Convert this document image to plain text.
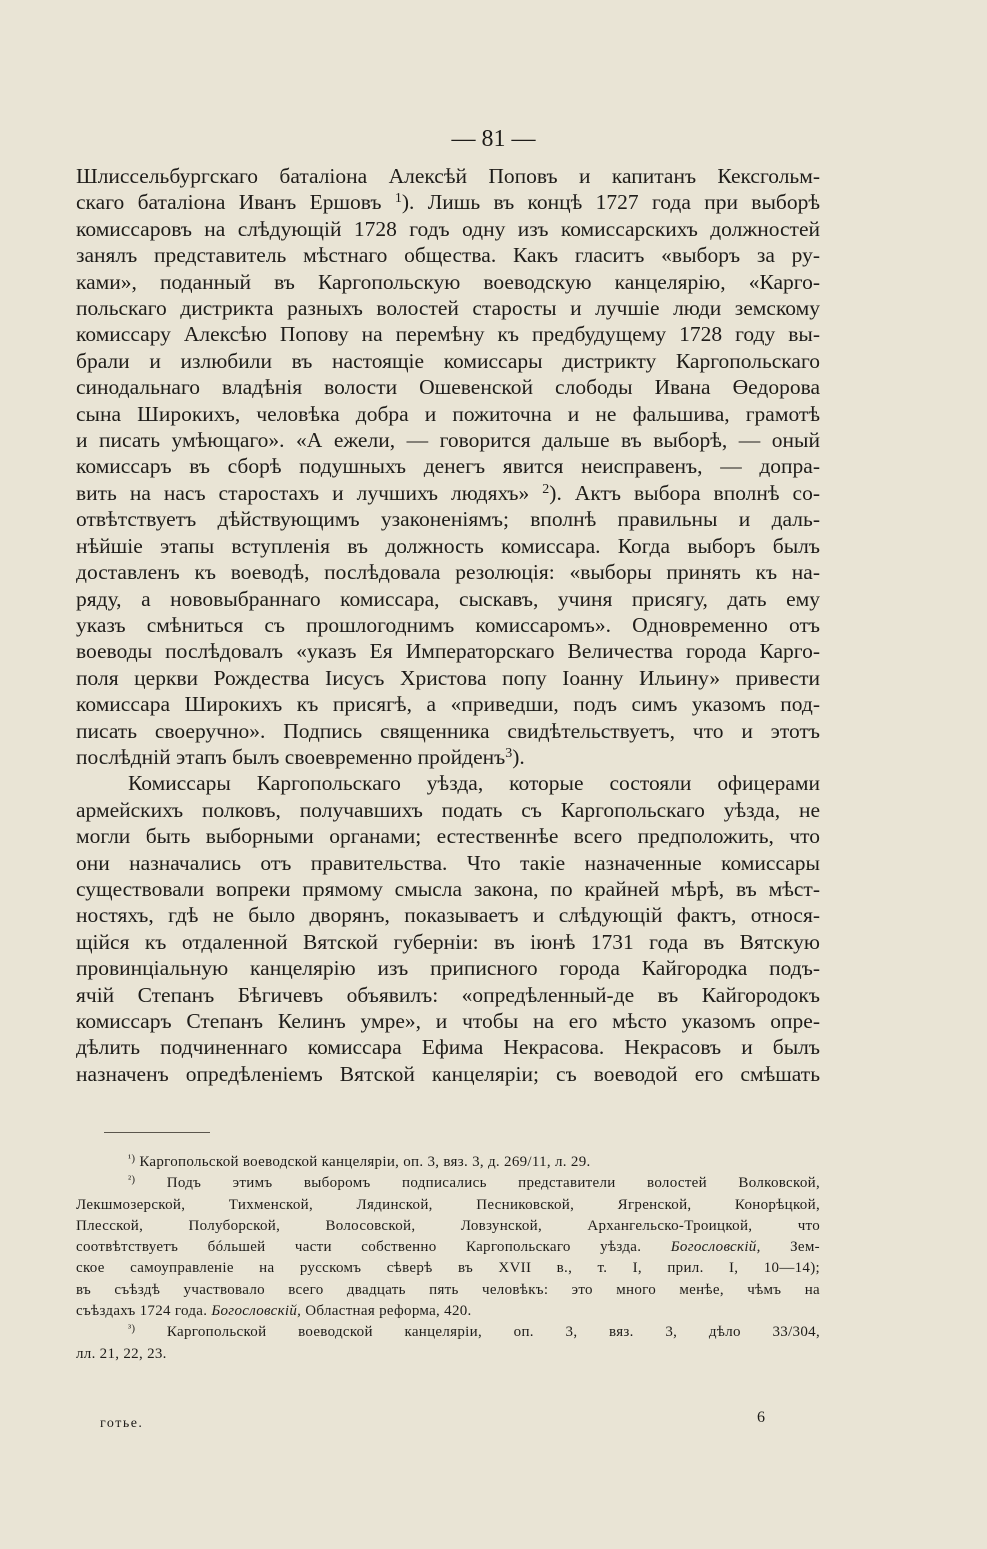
— 81 —
Шлиссельбургскаго баталіона Алексѣй Поповъ и капитанъ Кексгольм-
скаго баталіона Иванъ Ершовъ $^1$). Лишь въ концѣ 1727 года при выборѣ
комиссаровъ на слѣдующій 1728 годъ одну изъ комиссарскихъ должностей
занялъ представитель мѣстнаго общества. Какъ гласитъ «выборъ за ру-
ками», поданный въ Каргопольскую воеводскую канцелярію, «Карго-
польскаго дистрикта разныхъ волостей старосты и лучшіе люди земскому
комиссару Алексѣю Попову на перемѣну къ предбудущему 1728 году вы-
брали и излюбили въ настоящіе комиссары дистрикту Каргопольскаго
синодальнаго владѣнія волости Ошевенской слободы Ивана Өедорова
сына Широкихъ, человѣка добра и пожиточна и не фальшива, грамотѣ
и писать умѣющаго». «А ежели, — говорится дальше въ выборѣ, — оный
комиссаръ въ сборѣ подушныхъ денегъ явится неисправенъ, — допра-
вить на насъ старостахъ и лучшихъ людяхъ» $^2$). Актъ выбора вполнѣ со-
отвѣтствуетъ дѣйствующимъ узаконеніямъ; вполнѣ правильны и даль-
нѣйшіе этапы вступленія въ должность комиссара. Когда выборъ былъ
доставленъ къ воеводѣ, послѣдовала резолюція: «выборы принять къ на-
ряду, а нововыбраннаго комиссара, сыскавъ, учиня присягу, дать ему
указъ смѣниться съ прошлогоднимъ комиссаромъ». Одновременно отъ
воеводы послѣдовалъ «указъ Ея Императорскаго Величества города Карго-
поля церкви Рождества Іисусъ Христова попу Іоанну Ильину» привести
комиссара Широкихъ къ присягѣ, а «приведши, подъ симъ указомъ под-
писать своеручно». Подпись священника свидѣтельствуетъ, что и этотъ
послѣдній этапъ былъ своевременно пройденъ$^3$).
Комиссары Каргопольскаго уѣзда, которые состояли офицерами
армейскихъ полковъ, получавшихъ подать съ Каргопольскаго уѣзда, не
могли быть выборными органами; естественнѣе всего предположить, что
они назначались отъ правительства. Что такіе назначенные комиссары
существовали вопреки прямому смысла закона, по крайней мѣрѣ, въ мѣст-
ностяхъ, гдѣ не было дворянъ, показываетъ и слѣдующій фактъ, относя-
щійся къ отдаленной Вятской губерніи: въ іюнѣ 1731 года въ Вятскую
провинціальную канцелярію изъ приписного города Кайгородка подъ-
ячій Степанъ Бѣгичевъ объявилъ: «опредѣленный-де въ Кайгородокъ
комиссаръ Степанъ Келинъ умре», и чтобы на его мѣсто указомъ опре-
дѣлить подчиненнаго комиссара Ефима Некрасова. Некрасовъ и былъ
назначенъ опредѣленіемъ Вятской канцеляріи; съ воеводой его смѣшать
$^{^1)}$ Каргопольской воеводской канцеляріи, оп. 3, вяз. 3, д. 269/11, л. 29.
$^{^2)}$ Подъ этимъ выборомъ подписались представители волостей Волковской,
Лекшмозерской, Тихменской, Лядинской, Песниковской, Ягренской, Конорѣцкой,
Плесской, Полуборской, Волосовской, Ловзунской, Архангельско-Троицкой, что
соотвѣтствуетъ бóльшей части собственно Каргопольскаго уѣзда. Богословскій, Зем-
ское самоуправленіе на русскомъ сѣверѣ въ XVII в., т. I, прил. I, 10—14);
въ съѣздѣ участвовало всего двадцать пять человѣкъ: это много менѣе, чѣмъ на
съѣздахъ 1724 года. Богословскій, Областная реформа, 420.
$^{^3)}$ Каргопольской воеводской канцеляріи, оп. 3, вяз. 3, дѣло 33/304,
лл. 21, 22, 23.
готье.	6
